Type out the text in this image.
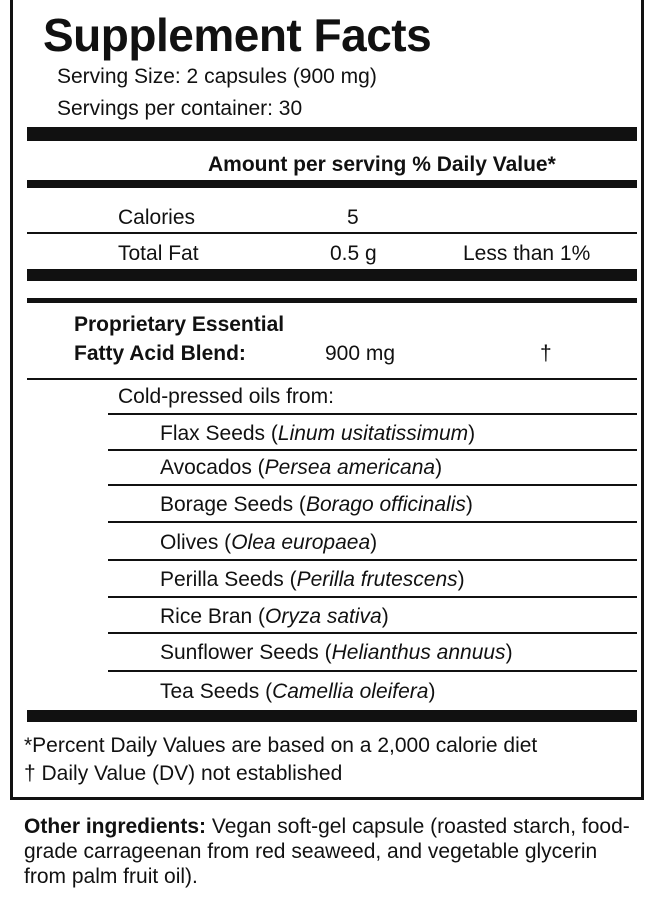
Supplement Facts
Serving Size: 2 capsules (900 mg)
Servings per container: 30
Amount per serving % Daily Value*
Calories	5
Total Fat	0.5 g	Less than 1%
Proprietary Essential
Fatty Acid Blend:	900 mg	†
Cold-pressed oils from:
Flax Seeds (Linum usitatissimum)
Avocados (Persea americana)
Borage Seeds (Borago officinalis)
Olives (Olea europaea)
Perilla Seeds (Perilla frutescens)
Rice Bran (Oryza sativa)
Sunflower Seeds (Helianthus annuus)
Tea Seeds (Camellia oleifera)
*Percent Daily Values are based on a 2,000 calorie diet
† Daily Value (DV) not established
Other ingredients: Vegan soft-gel capsule (roasted starch, food-grade carrageenan from red seaweed, and vegetable glycerin from palm fruit oil).
